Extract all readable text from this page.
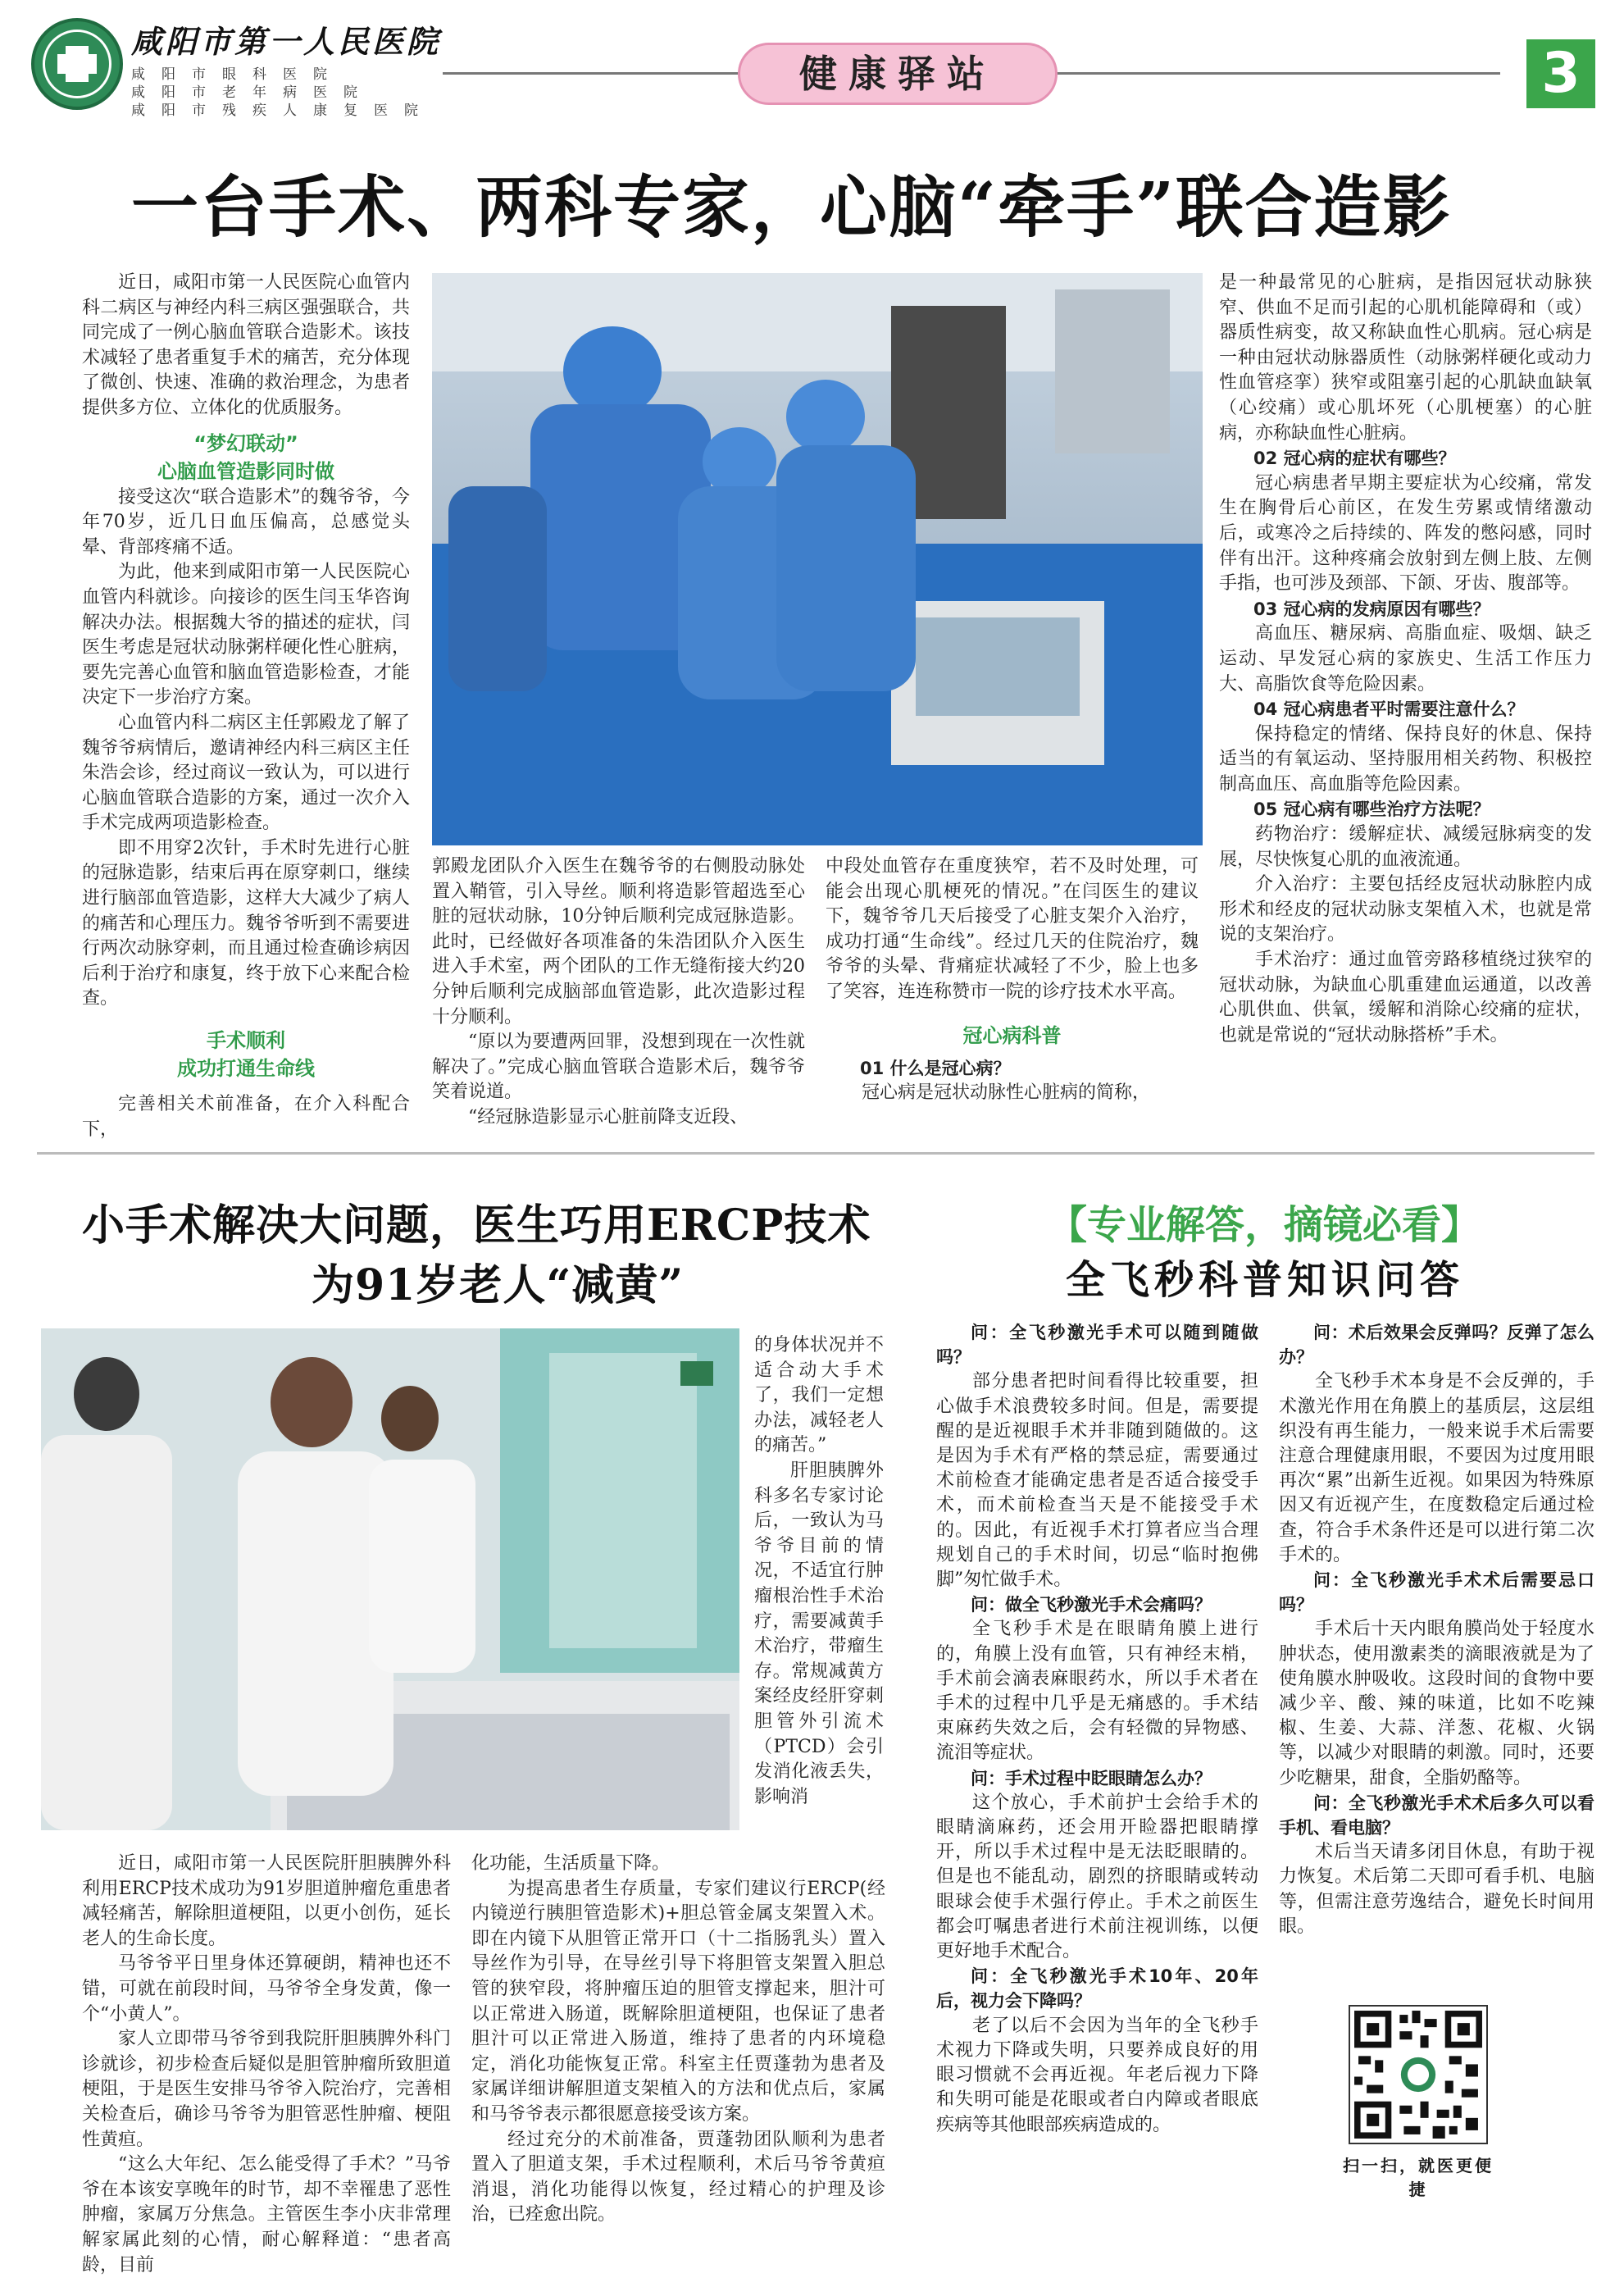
咸阳市第一人民医院
咸阳市眼科医院
咸阳市老年病医院
咸阳市残疾人康复医院
健康驿站	3
一台手术、两科专家，心脑“牵手”联合造影

近日，咸阳市第一人民医院心血管内科二病区与神经内科三病区强强联合，共同完成了一例心脑血管联合造影术。该技术减轻了患者重复手术的痛苦，充分体现了微创、快速、准确的救治理念，为患者提供多方位、立体化的优质服务。

“梦幻联动”
心脑血管造影同时做

接受这次“联合造影术”的魏爷爷，今年70岁，近几日血压偏高，总感觉头晕、背部疼痛不适。

为此，他来到咸阳市第一人民医院心血管内科就诊。向接诊的医生闫玉华咨询解决办法。根据魏大爷的描述的症状，闫医生考虑是冠状动脉粥样硬化性心脏病，要先完善心血管和脑血管造影检查，才能决定下一步治疗方案。

心血管内科二病区主任郭殿龙了解了魏爷爷病情后，邀请神经内科三病区主任朱浩会诊，经过商议一致认为，可以进行心脑血管联合造影的方案，通过一次介入手术完成两项造影检查。

即不用穿2次针，手术时先进行心脏的冠脉造影，结束后再在原穿刺口，继续进行脑部血管造影，这样大大减少了病人的痛苦和心理压力。魏爷爷听到不需要进行两次动脉穿刺，而且通过检查确诊病因后利于治疗和康复，终于放下心来配合检查。

手术顺利
成功打通生命线

完善相关术前准备，在介入科配合下，

郭殿龙团队介入医生在魏爷爷的右侧股动脉处置入鞘管，引入导丝。顺利将造影管超选至心脏的冠状动脉，10分钟后顺利完成冠脉造影。此时，已经做好各项准备的朱浩团队介入医生进入手术室，两个团队的工作无缝衔接大约20分钟后顺利完成脑部血管造影，此次造影过程十分顺利。

“原以为要遭两回罪，没想到现在一次性就解决了。”完成心脑血管联合造影术后，魏爷爷笑着说道。

“经冠脉造影显示心脏前降支近段、

中段处血管存在重度狭窄，若不及时处理，可能会出现心肌梗死的情况。”在闫医生的建议下，魏爷爷几天后接受了心脏支架介入治疗，成功打通“生命线”。经过几天的住院治疗，魏爷爷的头晕、背痛症状减轻了不少，脸上也多了笑容，连连称赞市一院的诊疗技术水平高。

冠心病科普
01 什么是冠心病？

冠心病是冠状动脉性心脏病的简称，

是一种最常见的心脏病，是指因冠状动脉狭窄、供血不足而引起的心肌机能障碍和（或）器质性病变，故又称缺血性心肌病。冠心病是一种由冠状动脉器质性（动脉粥样硬化或动力性血管痉挛）狭窄或阻塞引起的心肌缺血缺氧（心绞痛）或心肌坏死（心肌梗塞）的心脏病，亦称缺血性心脏病。

02 冠心病的症状有哪些？

冠心病患者早期主要症状为心绞痛，常发生在胸骨后心前区，在发生劳累或情绪激动后，或寒冷之后持续的、阵发的憋闷感，同时伴有出汗。这种疼痛会放射到左侧上肢、左侧手指，也可涉及颈部、下颌、牙齿、腹部等。

03 冠心病的发病原因有哪些？

高血压、糖尿病、高脂血症、吸烟、缺乏运动、早发冠心病的家族史、生活工作压力大、高脂饮食等危险因素。

04 冠心病患者平时需要注意什么？

保持稳定的情绪、保持良好的休息、保持适当的有氧运动、坚持服用相关药物、积极控制高血压、高血脂等危险因素。

05 冠心病有哪些治疗方法呢？

药物治疗：缓解症状、减缓冠脉病变的发展，尽快恢复心肌的血液流通。

介入治疗：主要包括经皮冠状动脉腔内成形术和经皮的冠状动脉支架植入术，也就是常说的支架治疗。

手术治疗：通过血管旁路移植绕过狭窄的冠状动脉，为缺血心肌重建血运通道，以改善心肌供血、供氧，缓解和消除心绞痛的症状，也就是常说的“冠状动脉搭桥”手术。

小手术解决大问题，医生巧用ERCP技术
为91岁老人“减黄”

的身体状况并不适合动大手术了，我们一定想办法，减轻老人的痛苦。”

肝胆胰脾外科多名专家讨论后，一致认为马爷爷目前的情况，不适宜行肿瘤根治性手术治疗，需要减黄手术治疗，带瘤生存。常规减黄方案经皮经肝穿刺胆管外引流术（PTCD）会引发消化液丢失，影响消

近日，咸阳市第一人民医院肝胆胰脾外科利用ERCP技术成功为91岁胆道肿瘤危重患者减轻痛苦，解除胆道梗阻，以更小创伤，延长老人的生命长度。

马爷爷平日里身体还算硬朗，精神也还不错，可就在前段时间，马爷爷全身发黄，像一个“小黄人”。

家人立即带马爷爷到我院肝胆胰脾外科门诊就诊，初步检查后疑似是胆管肿瘤所致胆道梗阻，于是医生安排马爷爷入院治疗，完善相关检查后，确诊马爷爷为胆管恶性肿瘤、梗阻性黄疸。

“这么大年纪、怎么能受得了手术？”马爷爷在本该安享晚年的时节，却不幸罹患了恶性肿瘤，家属万分焦急。主管医生李小庆非常理解家属此刻的心情，耐心解释道：“患者高龄，目前

化功能，生活质量下降。

为提高患者生存质量，专家们建议行ERCP(经内镜逆行胰胆管造影术)+胆总管金属支架置入术。即在内镜下从胆管正常开口（十二指肠乳头）置入导丝作为引导，在导丝引导下将胆管支架置入胆总管的狭窄段，将肿瘤压迫的胆管支撑起来，胆汁可以正常进入肠道，既解除胆道梗阻，也保证了患者胆汁可以正常进入肠道，维持了患者的内环境稳定，消化功能恢复正常。科室主任贾蓬勃为患者及家属详细讲解胆道支架植入的方法和优点后，家属和马爷爷表示都很愿意接受该方案。

经过充分的术前准备，贾蓬勃团队顺利为患者置入了胆道支架，手术过程顺利，术后马爷爷黄疸消退，消化功能得以恢复，经过精心的护理及诊治，已痊愈出院。

【专业解答，摘镜必看】
全飞秒科普知识问答

问：全飞秒激光手术可以随到随做吗？

部分患者把时间看得比较重要，担心做手术浪费较多时间。但是，需要提醒的是近视眼手术并非随到随做的。这是因为手术有严格的禁忌症，需要通过术前检查才能确定患者是否适合接受手术，而术前检查当天是不能接受手术的。因此，有近视手术打算者应当合理规划自己的手术时间，切忌“临时抱佛脚”匆忙做手术。

问：做全飞秒激光手术会痛吗？

全飞秒手术是在眼睛角膜上进行的，角膜上没有血管，只有神经末梢，手术前会滴表麻眼药水，所以手术者在手术的过程中几乎是无痛感的。手术结束麻药失效之后，会有轻微的异物感、流泪等症状。

问：手术过程中眨眼睛怎么办？

这个放心，手术前护士会给手术的眼睛滴麻药，还会用开睑器把眼睛撑开，所以手术过程中是无法眨眼睛的。但是也不能乱动，剧烈的挤眼睛或转动眼球会使手术强行停止。手术之前医生都会叮嘱患者进行术前注视训练，以便更好地手术配合。

问：全飞秒激光手术10年、20年后，视力会下降吗？

老了以后不会因为当年的全飞秒手术视力下降或失明，只要养成良好的用眼习惯就不会再近视。年老后视力下降和失明可能是花眼或者白内障或者眼底疾病等其他眼部疾病造成的。

问：术后效果会反弹吗？反弹了怎么办？

全飞秒手术本身是不会反弹的，手术激光作用在角膜上的基质层，这层组织没有再生能力，一般来说手术后需要注意合理健康用眼，不要因为过度用眼再次“累”出新生近视。如果因为特殊原因又有近视产生，在度数稳定后通过检查，符合手术条件还是可以进行第二次手术的。

问：全飞秒激光手术术后需要忌口吗？

手术后十天内眼角膜尚处于轻度水肿状态，使用激素类的滴眼液就是为了使角膜水肿吸收。这段时间的食物中要减少辛、酸、辣的味道，比如不吃辣椒、生姜、大蒜、洋葱、花椒、火锅等，以减少对眼睛的刺激。同时，还要少吃糖果，甜食，全脂奶酪等。

问：全飞秒激光手术术后多久可以看手机、看电脑？

术后当天请多闭目休息，有助于视力恢复。术后第二天即可看手机、电脑等，但需注意劳逸结合，避免长时间用眼。

扫一扫，就医更便捷
